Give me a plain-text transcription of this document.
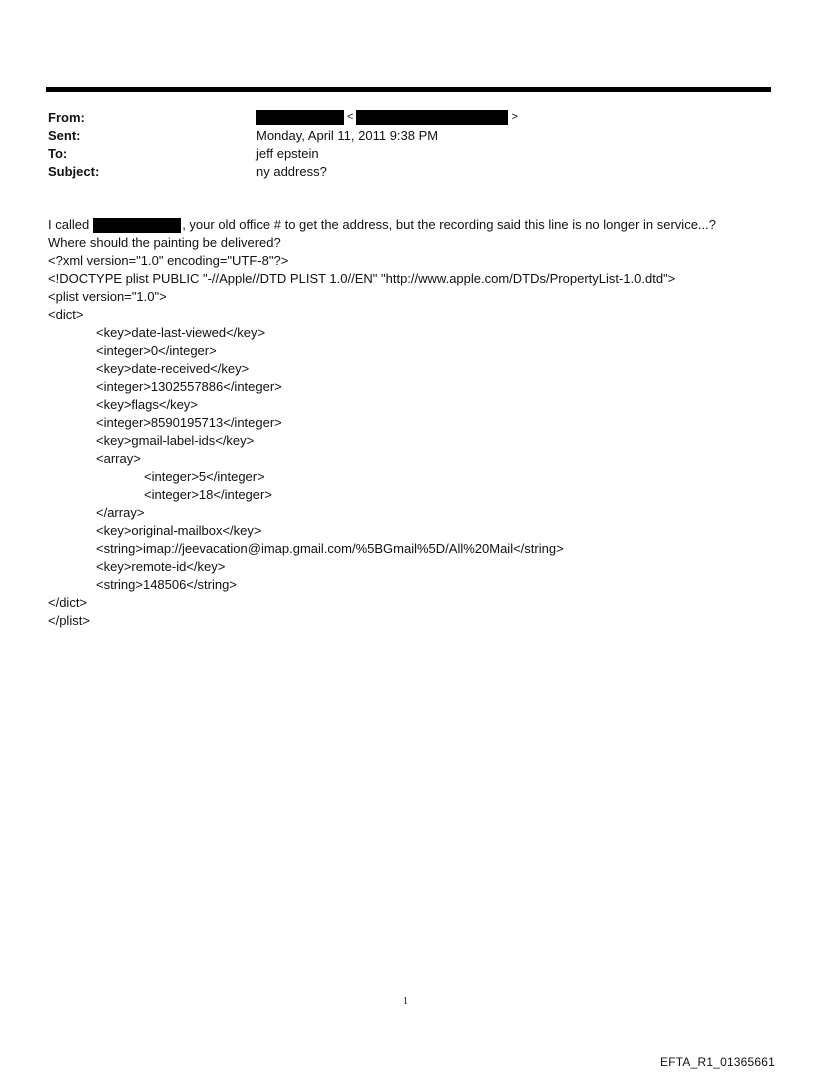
From:	<	>
Sent:	Monday, April 11, 2011 9:38 PM
To:	jeff epstein
Subject:	ny address?
I called	, your old office # to get the address, but the recording said this line is no longer in service...?
Where should the painting be delivered?
<?xml version="1.0" encoding="UTF-8"?>
<!DOCTYPE plist PUBLIC "-//Apple//DTD PLIST 1.0//EN" "http://www.apple.com/DTDs/PropertyList-1.0.dtd">
<plist version="1.0">
<dict>
<key>date-last-viewed</key>
<integer>0</integer>
<key>date-received</key>
<integer>1302557886</integer>
<key>flags</key>
<integer>8590195713</integer>
<key>gmail-label-ids</key>
<array>
<integer>5</integer>
<integer>18</integer>
</array>
<key>original-mailbox</key>
<string>imap://jeevacation@imap.gmail.com/%5BGmail%5D/All%20Mail</string>
<key>remote-id</key>
<string>148506</string>
</dict>
</plist>
1
EFTA_R1_01365661
